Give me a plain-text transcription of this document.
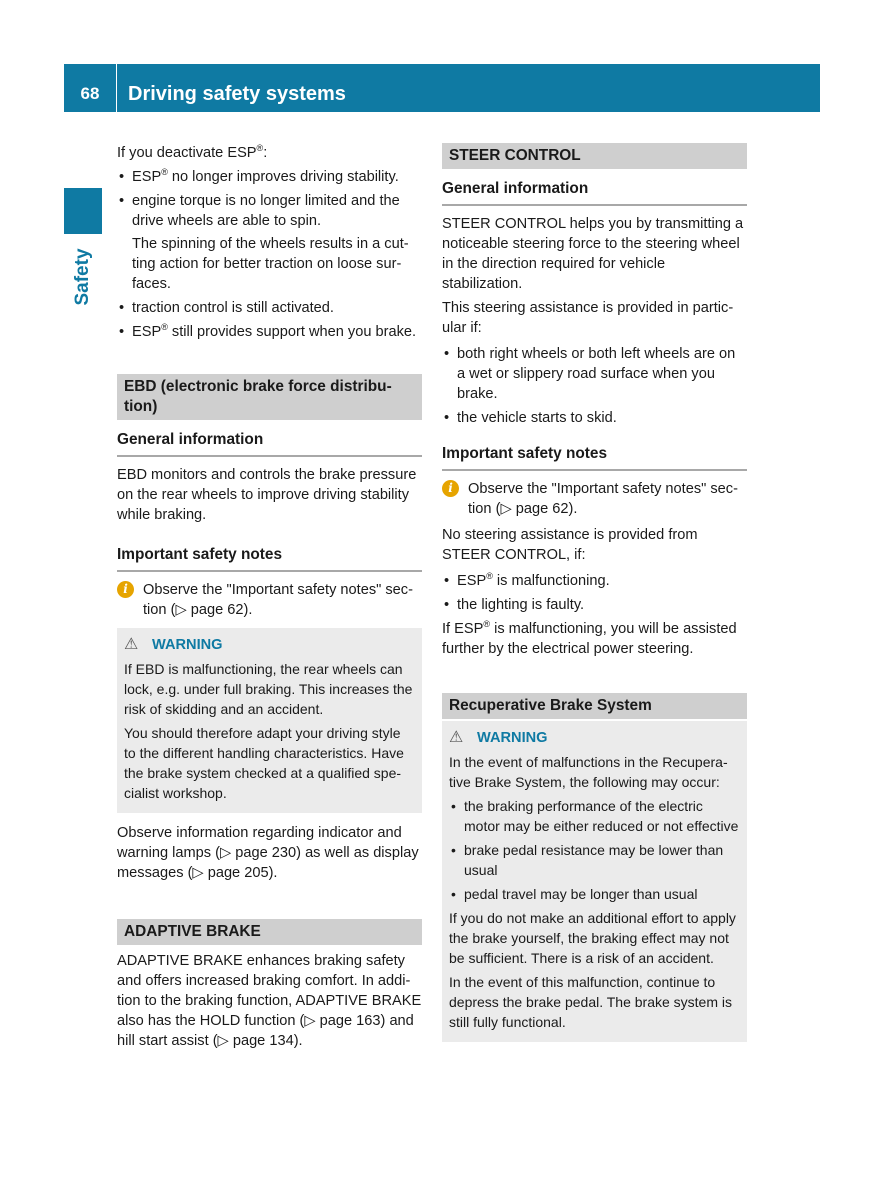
68	Driving safety systems
Safety

If you deactivate ESP®:

• ESP® no longer improves driving stability.
• engine torque is no longer limited and the drive wheels are able to spin.
The spinning of the wheels results in a cutting action for better traction on loose surfaces.
• traction control is still activated.
• ESP® still provides support when you brake.
EBD (electronic brake force distribution)
General information

EBD monitors and controls the brake pressure on the rear wheels to improve driving stability while braking.

Important safety notes

i	Observe the "Important safety notes" section (▷ page 62).

⚠ WARNING

If EBD is malfunctioning, the rear wheels can lock, e.g. under full braking. This increases the risk of skidding and an accident.

You should therefore adapt your driving style to the different handling characteristics. Have the brake system checked at a qualified specialist workshop.

Observe information regarding indicator and warning lamps (▷ page 230) as well as display messages (▷ page 205).

ADAPTIVE BRAKE

ADAPTIVE BRAKE enhances braking safety and offers increased braking comfort. In addition to the braking function, ADAPTIVE BRAKE also has the HOLD function (▷ page 163) and hill start assist (▷ page 134).

STEER CONTROL
General information

STEER CONTROL helps you by transmitting a noticeable steering force to the steering wheel in the direction required for vehicle stabilization.

This steering assistance is provided in particular if:

• both right wheels or both left wheels are on a wet or slippery road surface when you brake.
• the vehicle starts to skid.
Important safety notes

i	Observe the "Important safety notes" section (▷ page 62).

No steering assistance is provided from STEER CONTROL, if:

• ESP® is malfunctioning.
• the lighting is faulty.

If ESP® is malfunctioning, you will be assisted further by the electrical power steering.

Recuperative Brake System
⚠ WARNING

In the event of malfunctions in the Recuperative Brake System, the following may occur:

• the braking performance of the electric motor may be either reduced or not effective
• brake pedal resistance may be lower than usual
• pedal travel may be longer than usual

If you do not make an additional effort to apply the brake yourself, the braking effect may not be sufficient. There is a risk of an accident.

In the event of this malfunction, continue to depress the brake pedal. The brake system is still fully functional.
